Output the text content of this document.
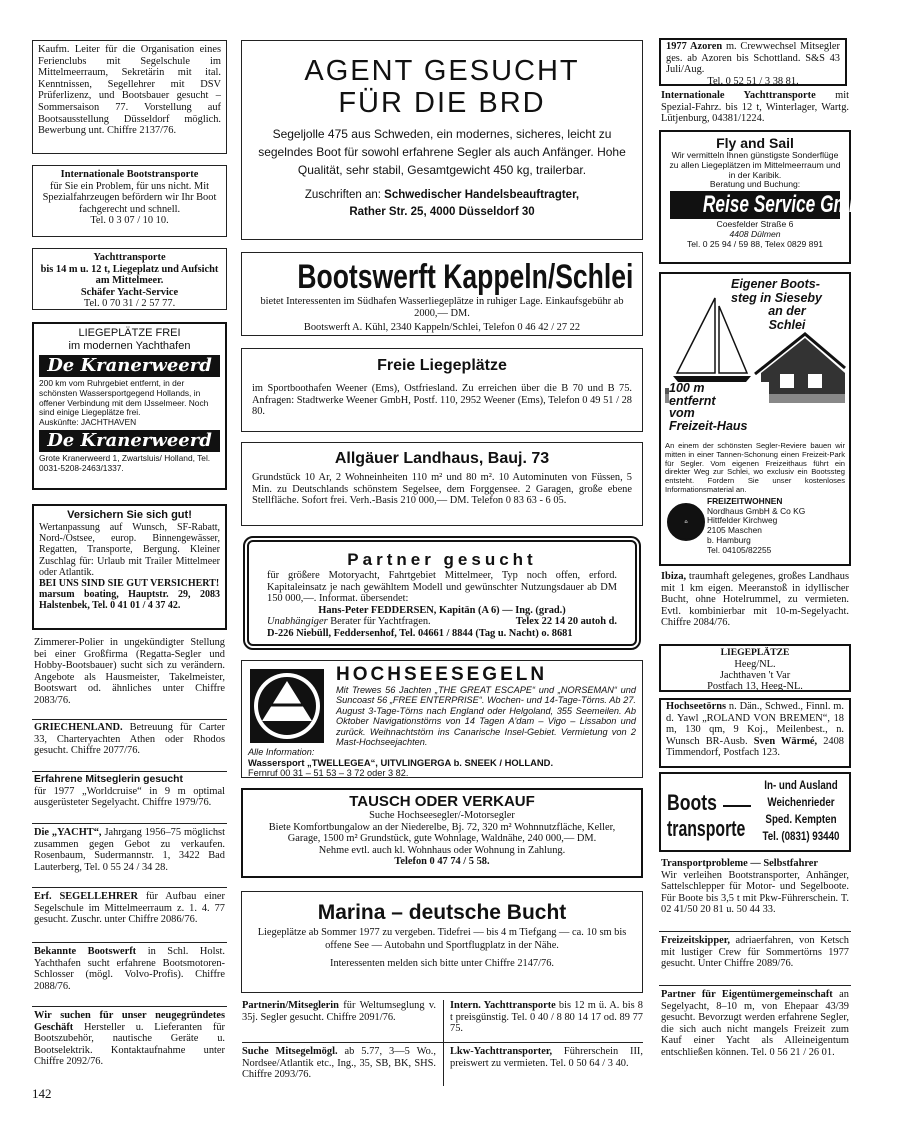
Kaufm. Leiter für die Organisation eines Ferienclubs mit Segelschule im Mittelmeerraum, Sekretärin mit ital. Kenntnissen, Segellehrer mit DSV Prüferlizenz, und Bootsbauer gesucht – Sommersaison 77. Vorstellung auf Bootsausstellung Düsseldorf möglich. Bewerbung unt. Chiffre 2137/76.

Internationale Bootstransporte

für Sie ein Problem, für uns nicht. Mit Spezialfahrzeugen befördern wir Ihr Boot fachgerecht und schnell.

Tel. 0 3 07 / 10 10.

Yachttransporte

bis 14 m u. 12 t, Liegeplatz und Aufsicht am Mittelmeer.

Schäfer Yacht-Service

Tel. 0 70 31 / 2 57 77.

LIEGEPLÄTZE FREI

im modernen Yachthafen

De Kranerweerd

200 km vom Ruhrgebiet entfernt, in der schönsten Wassersportgegend Hollands, in offener Verbindung mit dem IJsselmeer. Noch sind einige Liegeplätze frei.

Auskünfte: JACHTHAVEN

De Kranerweerd

Grote Kranerweerd 1, Zwartsluis/ Holland, Tel. 0031-5208-2463/1337.

Versichern Sie sich gut!

Wertanpassung auf Wunsch, SF-Rabatt, Nord-/Ostsee, europ. Binnengewässer, Regatten, Transporte, Bergung. Kleiner Zuschlag für: Urlaub mit Trailer Mittelmeer oder Atlantik.

BEI UNS SIND SIE GUT VERSICHERT!

marsum boating, Hauptstr. 29, 2083 Halstenbek, Tel. 0 41 01 / 4 37 42.

Zimmerer-Polier in ungekündigter Stellung bei einer Großfirma (Regatta-Segler und Hobby-Bootsbauer) sucht sich zu verändern. Angebote als Hausmeister, Takelmeister, Bootswart od. ähnliches unter Chiffre 2083/76.

GRIECHENLAND. Betreuung für Carter 33, Charteryachten Athen oder Rhodos gesucht. Chiffre 2077/76.

Erfahrene Mitseglerin gesucht

für 1977 „Worldcruise“ in 9 m optimal ausgerüsteter Segelyacht. Chiffre 1979/76.

Die „YACHT“, Jahrgang 1956–75 möglichst zusammen gegen Gebot zu verkaufen. Rosenbaum, Sudermannstr. 1, 3422 Bad Lauterberg, Tel. 0 55 24 / 34 28.

Erf. SEGELLEHRER für Aufbau einer Segelschule im Mittelmeerraum z. 1. 4. 77 gesucht. Zuschr. unter Chiffre 2086/76.

Bekannte Bootswerft in Schl. Holst. Yachthafen sucht erfahrene Bootsmotoren-Schlosser (mögl. Volvo-Profis). Chiffre 2088/76.

Wir suchen für unser neugegründetes Geschäft Hersteller u. Lieferanten für Bootszubehör, nautische Geräte u. Bootselektrik. Kontaktaufnahme unter Chiffre 2092/76.

142

AGENT GESUCHT

FÜR DIE BRD

Segeljolle 475 aus Schweden, ein modernes, sicheres, leicht zu segelndes Boot für sowohl erfahrene Segler als auch Anfänger. Hohe Qualität, sehr stabil, Gesamtgewicht 450 kg, trailerbar.

Zuschriften an: Schwedischer Handelsbeauftragter,

Rather Str. 25, 4000 Düsseldorf 30

Bootswerft Kappeln/Schlei

bietet Interessenten im Südhafen Wasserliegeplätze in ruhiger Lage. Einkaufsgebühr ab 2000,— DM.

Bootswerft A. Kühl, 2340 Kappeln/Schlei, Telefon 0 46 42 / 27 22

Freie Liegeplätze

im Sportboothafen Weener (Ems), Ostfriesland. Zu erreichen über die B 70 und B 75. Anfragen: Stadtwerke Weener GmbH, Postf. 110, 2952 Weener (Ems), Telefon 0 49 51 / 28 80.

Allgäuer Landhaus, Bauj. 73

Grundstück 10 Ar, 2 Wohneinheiten 110 m² und 80 m². 10 Autominuten von Füssen, 5 Min. zu Deutschlands schönstem Segelsee, dem Forggensee. 2 Garagen, große ebene Stellfläche. Sofort frei. Verh.-Basis 210 000,— DM. Telefon 0 83 63 - 6 05.

Partner gesucht

für größere Motoryacht, Fahrtgebiet Mittelmeer, Typ noch offen, erford. Kapitaleinsatz je nach gewähltem Modell und gewünschter Nutzungsdauer ab DM 150 000,—. Informat. übersendet:

Hans-Peter FEDDERSEN, Kapitän (A 6) — Ing. (grad.)

Unabhängiger Berater für Yachtfragen.	Telex 22 14 20 autoh d.

D-226 Niebüll, Feddersenhof, Tel. 04661 / 8844 (Tag u. Nacht) o. 8681

HOCHSEESEGELN

Mit Trewes 56 Jachten „THE GREAT ESCAPE“ und „NORSEMAN“ und Suncoast 56 „FREE ENTERPRISE“. Wochen- und 14-Tage-Törns. Ab 27. August 3-Tage-Törns nach England oder Helgoland, 355 Seemeilen. Ab Oktober Navigationstörns von 14 Tagen A'dam – Vigo – Lissabon und zurück. Weihnachtstörn ins Canarische Insel-Gebiet. Vermietung von 2 Mast-Hochseejachten.

Alle Information:

Wassersport „TWELLEGEA“, UITVLINGERGA b. SNEEK / HOLLAND.

Fernruf 00 31 – 51 53 – 3 72 oder 3 82.

TAUSCH ODER VERKAUF

Suche Hochseesegler/-Motorsegler

Biete Komfortbungalow an der Niederelbe, Bj. 72, 320 m² Wohnnutzfläche, Keller, Garage, 1500 m² Grundstück, gute Wohnlage, Waldnähe, 240 000,— DM.

Nehme evtl. auch kl. Wohnhaus oder Wohnung in Zahlung.

Telefon 0 47 74 / 5 58.

Marina – deutsche Bucht

Liegeplätze ab Sommer 1977 zu vergeben. Tidefrei — bis 4 m Tiefgang — ca. 10 sm bis offene See — Autobahn und Sportflugplatz in der Nähe.

Interessenten melden sich bitte unter Chiffre 2147/76.

Partnerin/Mitseglerin für Weltumseglung v. 35j. Segler gesucht. Chiffre 2091/76.

Intern. Yachttransporte bis 12 m ü. A. bis 8 t preisgünstig. Tel. 0 40 / 8 80 14 17 od. 89 77 75.

Suche Mitsegelmögl. ab 5.77, 3—5 Wo., Nordsee/Atlantik etc., Ing., 35, SB, BK, SHS. Chiffre 2093/76.

Lkw-Yachttransporter, Führerschein III, preiswert zu vermieten. Tel. 0 50 64 / 3 40.

1977 Azoren m. Crewwechsel Mitsegler ges. ab Azoren bis Schottland. S&S 43 Juli/Aug.

Tel. 0 52 51 / 3 38 81.

Internationale Yachttransporte mit Spezial-Fahrz. bis 12 t, Winterlager, Wartg. Lütjenburg, 04381/1224.

Fly and Sail

Wir vermitteln Ihnen günstigste Sonderflüge zu allen Liegeplätzen im Mittelmeerraum und in der Karibik.

Beratung und Buchung:

Reise Service GmbH

Coesfelder Straße 6

4408 Dülmen

Tel. 0 25 94 / 59 88, Telex 0829 891

Eigener Boots-

steg in Sieseby

an der

Schlei

100 m

entfernt

vom

Freizeit-Haus

An einem der schönsten Segler-Reviere bauen wir mitten in einer Tannen-Schonung einen Freizeit-Park für Segler. Vom eigenen Freizeithaus führt ein direkter Weg zur Schlei, wo exclusiv ein Bootssteg entsteht. Fordern Sie unser kostenloses Informationsmaterial an.

⌂

FREIZEITWOHNEN

Nordhaus GmbH & Co KG

Hittfelder Kirchweg

2105 Maschen

b. Hamburg

Tel. 04105/82255

Ibiza, traumhaft gelegenes, großes Landhaus mit 1 km eigen. Meeranstoß in idyllischer Bucht, ohne Hotelrummel, zu vermieten. Evtl. kombinierbar mit 10-m-Segelyacht. Chiffre 2084/76.

LIEGEPLÄTZE

Heeg/NL.

Jachthaven 't Var

Postfach 13, Heeg-NL.

Hochseetörns n. Dän., Schwed., Finnl. m. d. Yawl „ROLAND VON BREMEN“, 18 m, 130 qm, 9 Koj., Meilenbest., n. Wunsch BR-Ausb. Sven Wärmé, 2408 Timmendorf, Postfach 123.

Boots
transporte

In- und Ausland

Weichenrieder

Sped. Kempten

Tel. (0831) 93440

Transportprobleme — Selbstfahrer

Wir verleihen Bootstransporter, Anhänger, Sattelschlepper für Motor- und Segelboote. Für Boote bis 3,5 t mit Pkw-Führerschein. T. 02 41/50 20 81 u. 50 44 33.

Freizeitskipper, adriaerfahren, von Ketsch mit lustiger Crew für Sommertörns 1977 gesucht. Unter Chiffre 2089/76.

Partner für Eigentümergemeinschaft an Segelyacht, 8–10 m, von Ehepaar 43/39 gesucht. Bevorzugt werden erfahrene Segler, die sich auch nicht mangels Freizeit zum Kauf einer Yacht als Alleineigentum entschließen können. Tel. 0 56 21 / 26 01.
